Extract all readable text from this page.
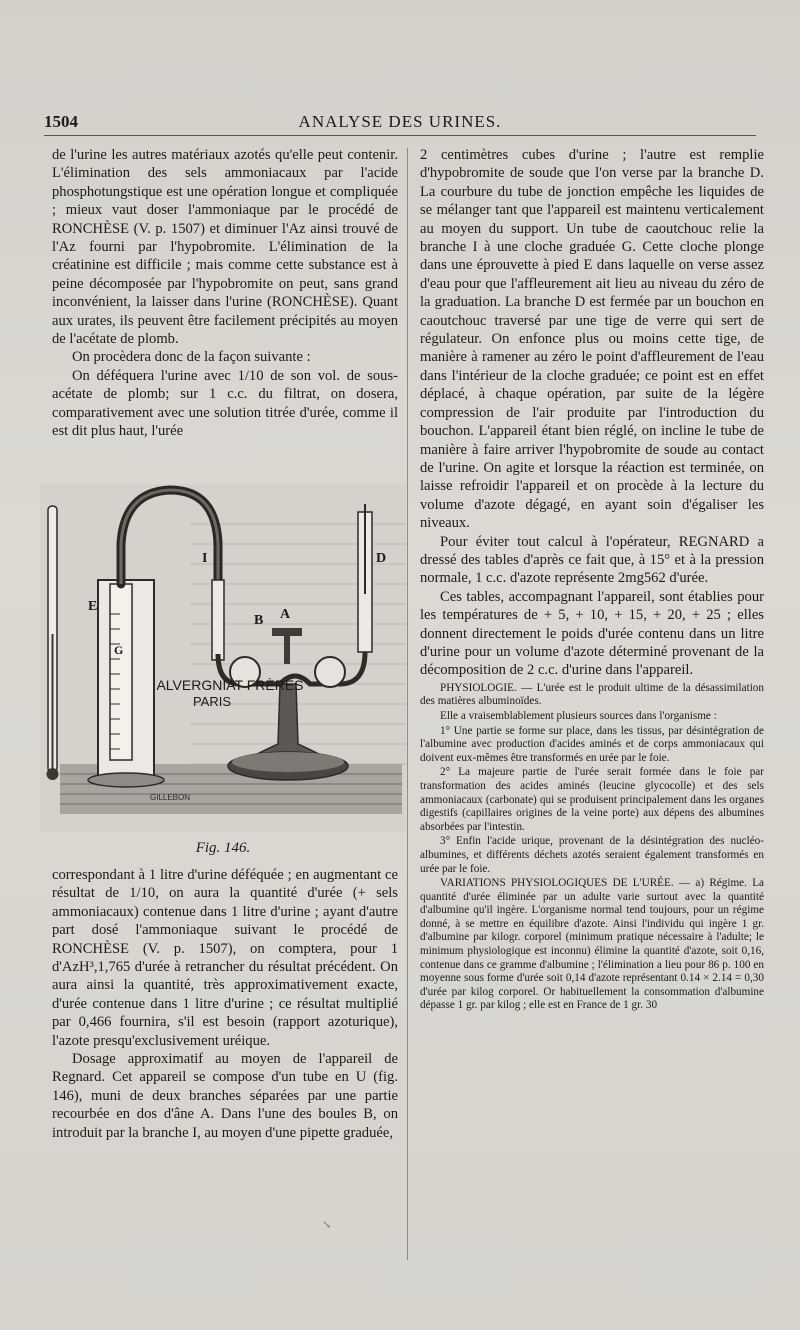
1504	ANALYSE DES URINES.

de l'urine les autres matériaux azotés qu'elle peut contenir. L'élimination des sels ammoniacaux par l'acide phosphotungstique est une opération longue et compliquée ; mieux vaut doser l'ammoniaque par le procédé de RONCHÈSE (V. p. 1507) et diminuer l'Az ainsi trouvé de l'Az fourni par l'hypobromite. L'élimination de la créatinine est difficile ; mais comme cette substance est à peine décomposée par l'hypobromite on peut, sans grand inconvénient, la laisser dans l'urine (RONCHÈSE). Quant aux urates, ils peuvent être facilement précipités au moyen de l'acétate de plomb.

On procèdera donc de la façon suivante :

On déféquera l'urine avec 1/10 de son vol. de sous-acétate de plomb; sur 1 c.c. du filtrat, on dosera, comparativement avec une solution titrée d'urée, comme il est dit plus haut, l'urée

E
G
I
B A
D
ALVERGNIAT FRÈRES
PARIS
GILLEBON
Fig. 146.

correspondant à 1 litre d'urine déféquée ; en augmentant ce résultat de 1/10, on aura la quantité d'urée (+ sels ammoniacaux) contenue dans 1 litre d'urine ; ayant d'autre part dosé l'ammoniaque suivant le procédé de RONCHÈSE (V. p. 1507), on comptera, pour 1 d'AzH³,1,765 d'urée à retrancher du résultat précédent. On aura ainsi la quantité, très approximativement exacte, d'urée contenue dans 1 litre d'urine ; ce résultat multiplié par 0,466 fournira, s'il est besoin (rapport azoturique), l'azote presqu'exclusivement uréique.

Dosage approximatif au moyen de l'appareil de Regnard. Cet appareil se compose d'un tube en U (fig. 146), muni de deux branches séparées par une partie recourbée en dos d'âne A. Dans l'une des boules B, on introduit par la branche I, au moyen d'une pipette graduée,

2 centimètres cubes d'urine ; l'autre est remplie d'hypobromite de soude que l'on verse par la branche D. La courbure du tube de jonction empêche les liquides de se mélanger tant que l'appareil est maintenu verticalement au moyen du support. Un tube de caoutchouc relie la branche I à une cloche graduée G. Cette cloche plonge dans une éprouvette à pied E dans laquelle on verse assez d'eau pour que l'affleurement ait lieu au niveau du zéro de la graduation. La branche D est fermée par un bouchon en caoutchouc traversé par une tige de verre qui sert de régulateur. On enfonce plus ou moins cette tige, de manière à ramener au zéro le point d'affleurement de l'eau dans l'intérieur de la cloche graduée; ce point est en effet déplacé, à chaque opération, par suite de la légère compression de l'air produite par l'introduction du bouchon. L'appareil étant bien réglé, on incline le tube de manière à faire arriver l'hypobromite de soude au contact de l'urine. On agite et lorsque la réaction est terminée, on laisse refroidir l'appareil et on procède à la lecture du volume d'azote dégagé, en ayant soin d'égaliser les niveaux.

Pour éviter tout calcul à l'opérateur, REGNARD a dressé des tables d'après ce fait que, à 15° et à la pression normale, 1 c.c. d'azote représente 2mg562 d'urée.

Ces tables, accompagnant l'appareil, sont établies pour les températures de + 5, + 10, + 15, + 20, + 25 ; elles donnent directement le poids d'urée contenu dans un litre d'urine pour un volume d'azote déterminé provenant de la décomposition de 2 c.c. d'urine dans l'appareil.

PHYSIOLOGIE. — L'urée est le produit ultime de la désassimilation des matières albuminoïdes.

Elle a vraisemblablement plusieurs sources dans l'organisme :

1° Une partie se forme sur place, dans les tissus, par désintégration de l'albumine avec production d'acides aminés et de corps ammoniacaux qui doivent eux-mêmes être transformés en urée par le foie.

2° La majeure partie de l'urée serait formée dans le foie par transformation des acides aminés (leucine glycocolle) et des sels ammoniacaux (carbonate) qui se produisent principalement dans les organes digestifs (capillaires origines de la veine porte) aux dépens des albumines absorbées par l'intestin.

3° Enfin l'acide urique, provenant de la désintégration des nucléo-albumines, et différents déchets azotés seraient également transformés en urée par le foie.

VARIATIONS PHYSIOLOGIQUES DE L'URÉE. — a) Régime. La quantité d'urée éliminée par un adulte varie surtout avec la quantité d'albumine qu'il ingère. L'organisme normal tend toujours, pour un régime donné, à se mettre en équilibre d'azote. Ainsi l'individu qui ingère 1 gr. d'albumine par kilogr. corporel (minimum pratique nécessaire à l'adulte; le minimum physiologique est inconnu) élimine la quantité d'azote, soit 0,16, contenue dans ce gramme d'albumine ; l'élimination a lieu pour 86 p. 100 en moyenne sous forme d'urée soit 0,14 d'azote représentant 0.14 × 2.14 = 0,30 d'urée par kilog corporel. Or habituellement la consommation d'albumine dépasse 1 gr. par kilog ; elle est en France de 1 gr. 30

↘
